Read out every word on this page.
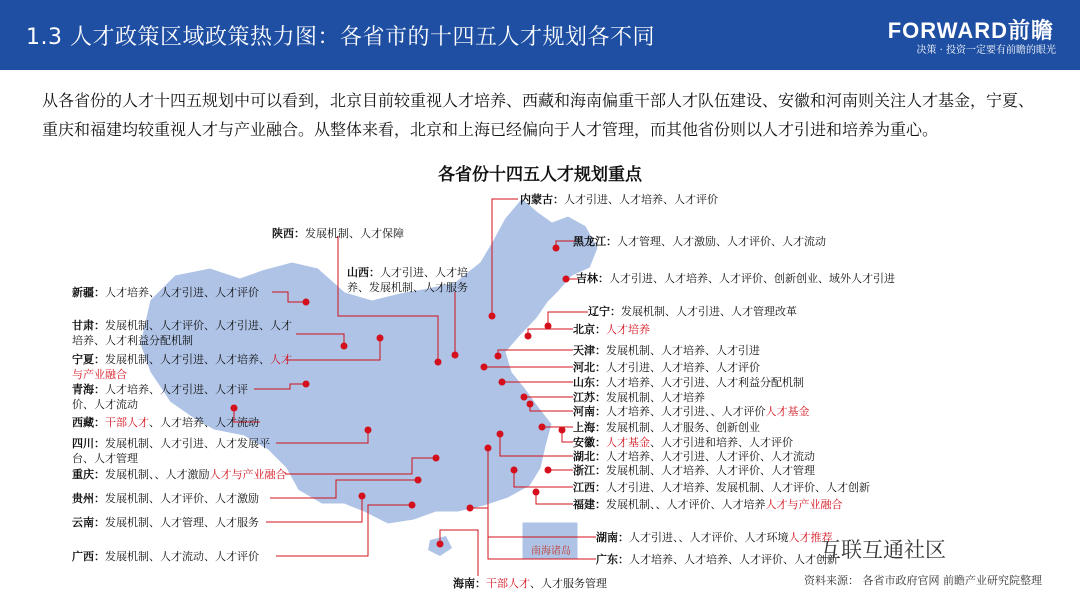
1.3 人才政策区域政策热力图：各省市的十四五人才规划各不同	FORWARD前瞻
决策 · 投资一定要有前瞻的眼光
从各省份的人才十四五规划中可以看到，北京目前较重视人才培养、西藏和海南偏重干部人才队伍建设、安徽和河南则关注人才基金，宁夏、重庆和福建均较重视人才与产业融合。从整体来看，北京和上海已经偏向于人才管理，而其他省份则以人才引进和培养为重心。
各省份十四五人才规划重点
内蒙古：人才引进、人才培养、人才评价
陕西：发展机制、人才保障
黑龙江：人才管理、人才激励、人才评价、人才流动
山西：人才引进、人才培养、发展机制、人才服务
吉林：人才引进、人才培养、人才评价、创新创业、域外人才引进
新疆：人才培养、人才引进、人才评价
辽宁：发展机制、人才引进、人才管理改革
甘肃：发展机制、人才评价、人才引进、人才培养、人才利益分配机制
北京：人才培养
天津：发展机制、人才培养、人才引进
宁夏：发展机制、人才引进、人才培养、人才与产业融合
河北：人才引进、人才培养、人才评价
山东：人才培养、人才引进、人才利益分配机制
青海：人才培养、人才引进、人才评价、人才流动
江苏：发展机制、人才培养
西藏：干部人才、人才培养、人才流动
河南：人才培养、人才引进、、人才评价人才基金
上海：发展机制、人才服务、创新创业
四川：发展机制、人才引进、人才发展平台、人才管理
安徽：人才基金、人才引进和培养、人才评价
湖北：人才培养、人才引进、人才评价、人才流动
重庆：发展机制、、人才激励人才与产业融合	浙江：发展机制、人才培养、人才评价、人才管理
贵州：发展机制、人才评价、人才激励
江西：人才引进、人才培养、发展机制、人才评价、人才创新
福建：发展机制、、人才评价、人才培养人才与产业融合
云南：发展机制、人才管理、人才服务
湖南：人才引进、、人才评价、人才环境人才推荐
广西：发展机制、人才流动、人才评价	广东：人才培养、人才培养、人才评价、人才创新
海南：干部人才、人才服务管理
南海诸岛	互联互通社区
资料来源： 各省市政府官网 前瞻产业研究院整理
